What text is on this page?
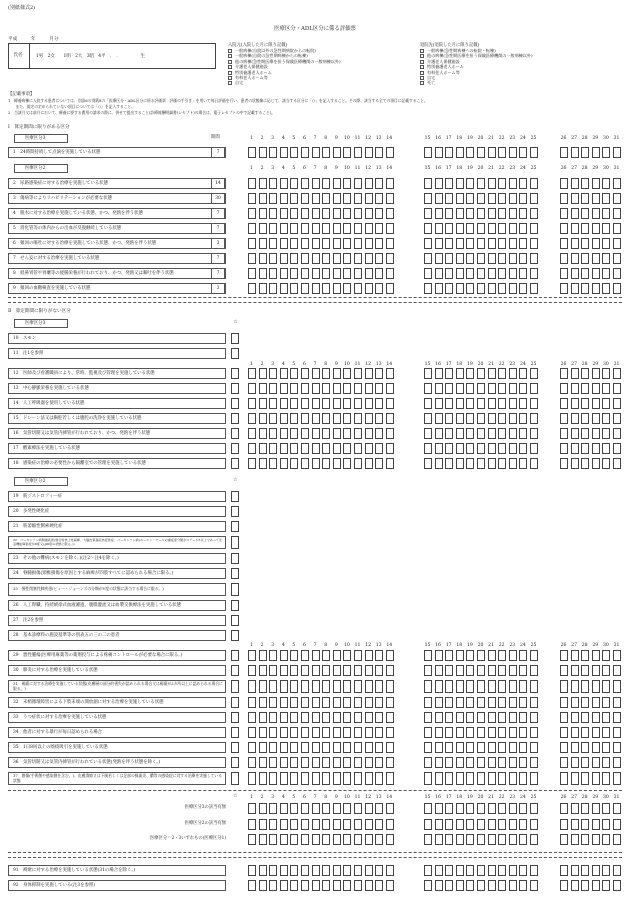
(別紙様式2)
医療区分・ADL区分に係る評価票
平成　　　年　　　月分
氏名	1男　2女　　1明　2大　3昭　4平　．　．　　　　　生
入院元(入院した月に限り記載)
一般病棟(自院以外の急性期病院からの転院)
一般病棟(自院の急性期病棟からの転棟)
他の病棟(急性期医療を担う保険医療機関の一般病棟以外)
介護老人保健施設
特別養護老人ホーム
有料老人ホーム等
自宅
退院先(退院した月に限り記載)
一般病棟(急性期病棟への転院・転棟)
他の病棟(急性期医療を担う保険医療機関の一般病棟以外)
介護老人保健施設
特別養護老人ホーム
有料老人ホーム等
自宅
死亡
【記載事項】
1　療養病棟に入院する患者については、別添6の別紙8の「医療区分・ADL区分に係る評価票　評価の手引き」を用いて毎日評価を行い、患者の状態像に応じて、該当する区分に「○」を記入すること。その際、該当する全ての項目に記載すること。
　　また、規定の定められていない項目については「○」を記入すること。
2　当該月又は前月において、療養に要する費用の請求の際に、併せて提出すること(診療報酬明細書(レセプト)の場合は、電子レセプトの中で記載すること)。
Ⅰ　算定期間に限りがある区分
医療区分3	期間	1	2	3	4	5	6	7	8	9	10 11 12 13 14	15 16 17 18 19 20 21 22 23 24 25	26 27 28 29 30 31
1　24時間持続して点滴を実施している状態	7
医療区分2	1	2	3	4	5	6	7	8	9	10 11 12 13 14	15 16 17 18 19 20 21 22 23 24 25	26 27 28 29 30 31
2　尿路感染症に対する治療を実施している状態	14
3　傷病等によりリハビリテーションが必要な状態	30
4　脱水に対する治療を実施している状態、かつ、発熱を伴う状態	7
5　消化管等の体内からの出血が反復継続している状態	7
6　頻回の嘔吐に対する治療を実施している状態、かつ、発熱を伴う状態	3
7　せん妄に対する治療を実施している状態	7
8　経鼻胃管や胃瘻等の経腸栄養が行われており、かつ、発熱又は嘔吐を伴う状態	7
9　頻回の血糖検査を実施している状態	3
Ⅱ　算定期間に限りがない区分
医療区分3	☆
10　スモン
11　注1を参照
12　医師及び看護職員により、常時、監視及び管理を実施している状態
13　中心静脈栄養を実施している状態
14　人工呼吸器を使用している状態
15　ドレーン法又は胸腔若しくは腹腔の洗浄を実施している状態
16　気管切開又は気管内挿管が行われており、かつ、発熱を伴う状態
17　酸素療法を実施している状態
18　感染症の治療の必要性から隔離室での管理を実施している状態
1	2	3	4	5	6	7	8	9	10 11 12 13 14	15 16 17 18 19 20 21 22 23 24 25	26 27 28 29 30 31
医療区分2	☆
19　筋ジストロフィー症
20　多発性硬化症
21　筋萎縮性側索硬化症
22　パーキンソン病関連疾患(進行性核上性麻痺、大脳皮質基底核変性症、パーキンソン病(ホーエン・ヤールの重症度分類がステージ3以上であって生活機能障害度がⅡ度又はⅢ度の状態に限る。))
23　その他の難病(スモンを除く。)(注2～注4を除く。)
24　脊髄損傷(頸椎損傷を原因とする麻痺が四肢すべてに認められる場合に限る。)
25　慢性閉塞性肺疾患(ヒュー・ジョーンズの分類がⅤ度の状態に該当する場合に限る。)
26　人工腎臓、持続緩徐式血液濾過、腹膜灌流又は血漿交換療法を実施している状態
27　注2を参照
28　基本診療料の施設基準等の別表五の三の二の患者
29　悪性腫瘍(医療用麻薬等の薬剤投与による疼痛コントロールが必要な場合に限る。)
30　肺炎に対する治療を実施している状態
31　褥瘡に対する治療を実施している状態(皮膚層の部分的喪失が認められる場合又は褥瘡が2カ所以上に認められる場合に限る。)
32　末梢循環障害による下肢末端の開放創に対する治療を実施している状態
33　うつ症状に対する治療を実施している状態
34　他者に対する暴行が毎日認められる場合
35　1日8回以上の喀痰吸引を実施している状態
36　気管切開又は気管内挿管が行われている状態(発熱を伴う状態を除く。)
37　創傷(手術創や感染創を含む。)、皮膚潰瘍又は下腿若しくは足部の蜂巣炎、膿等の感染症に対する治療を実施している状態
1	2	3	4	5	6	7	8	9	10 11 12 13 14	15 16 17 18 19 20 21 22 23 24 25	26 27 28 29 30 31
☆	1	2	3	4	5	6	7	8	9	10 11 12 13 14	15 16 17 18 19 20 21 22 23 24 25	26 27 28 29 30 31
医療区分3の該当有無
医療区分2の該当有無
医療区分＝2・3いずれもの(医療区分1)
91　褥瘡に対する治療を実施している状態(31の場合を除く。)
92　身体抑制を実施している(注3を参照)
